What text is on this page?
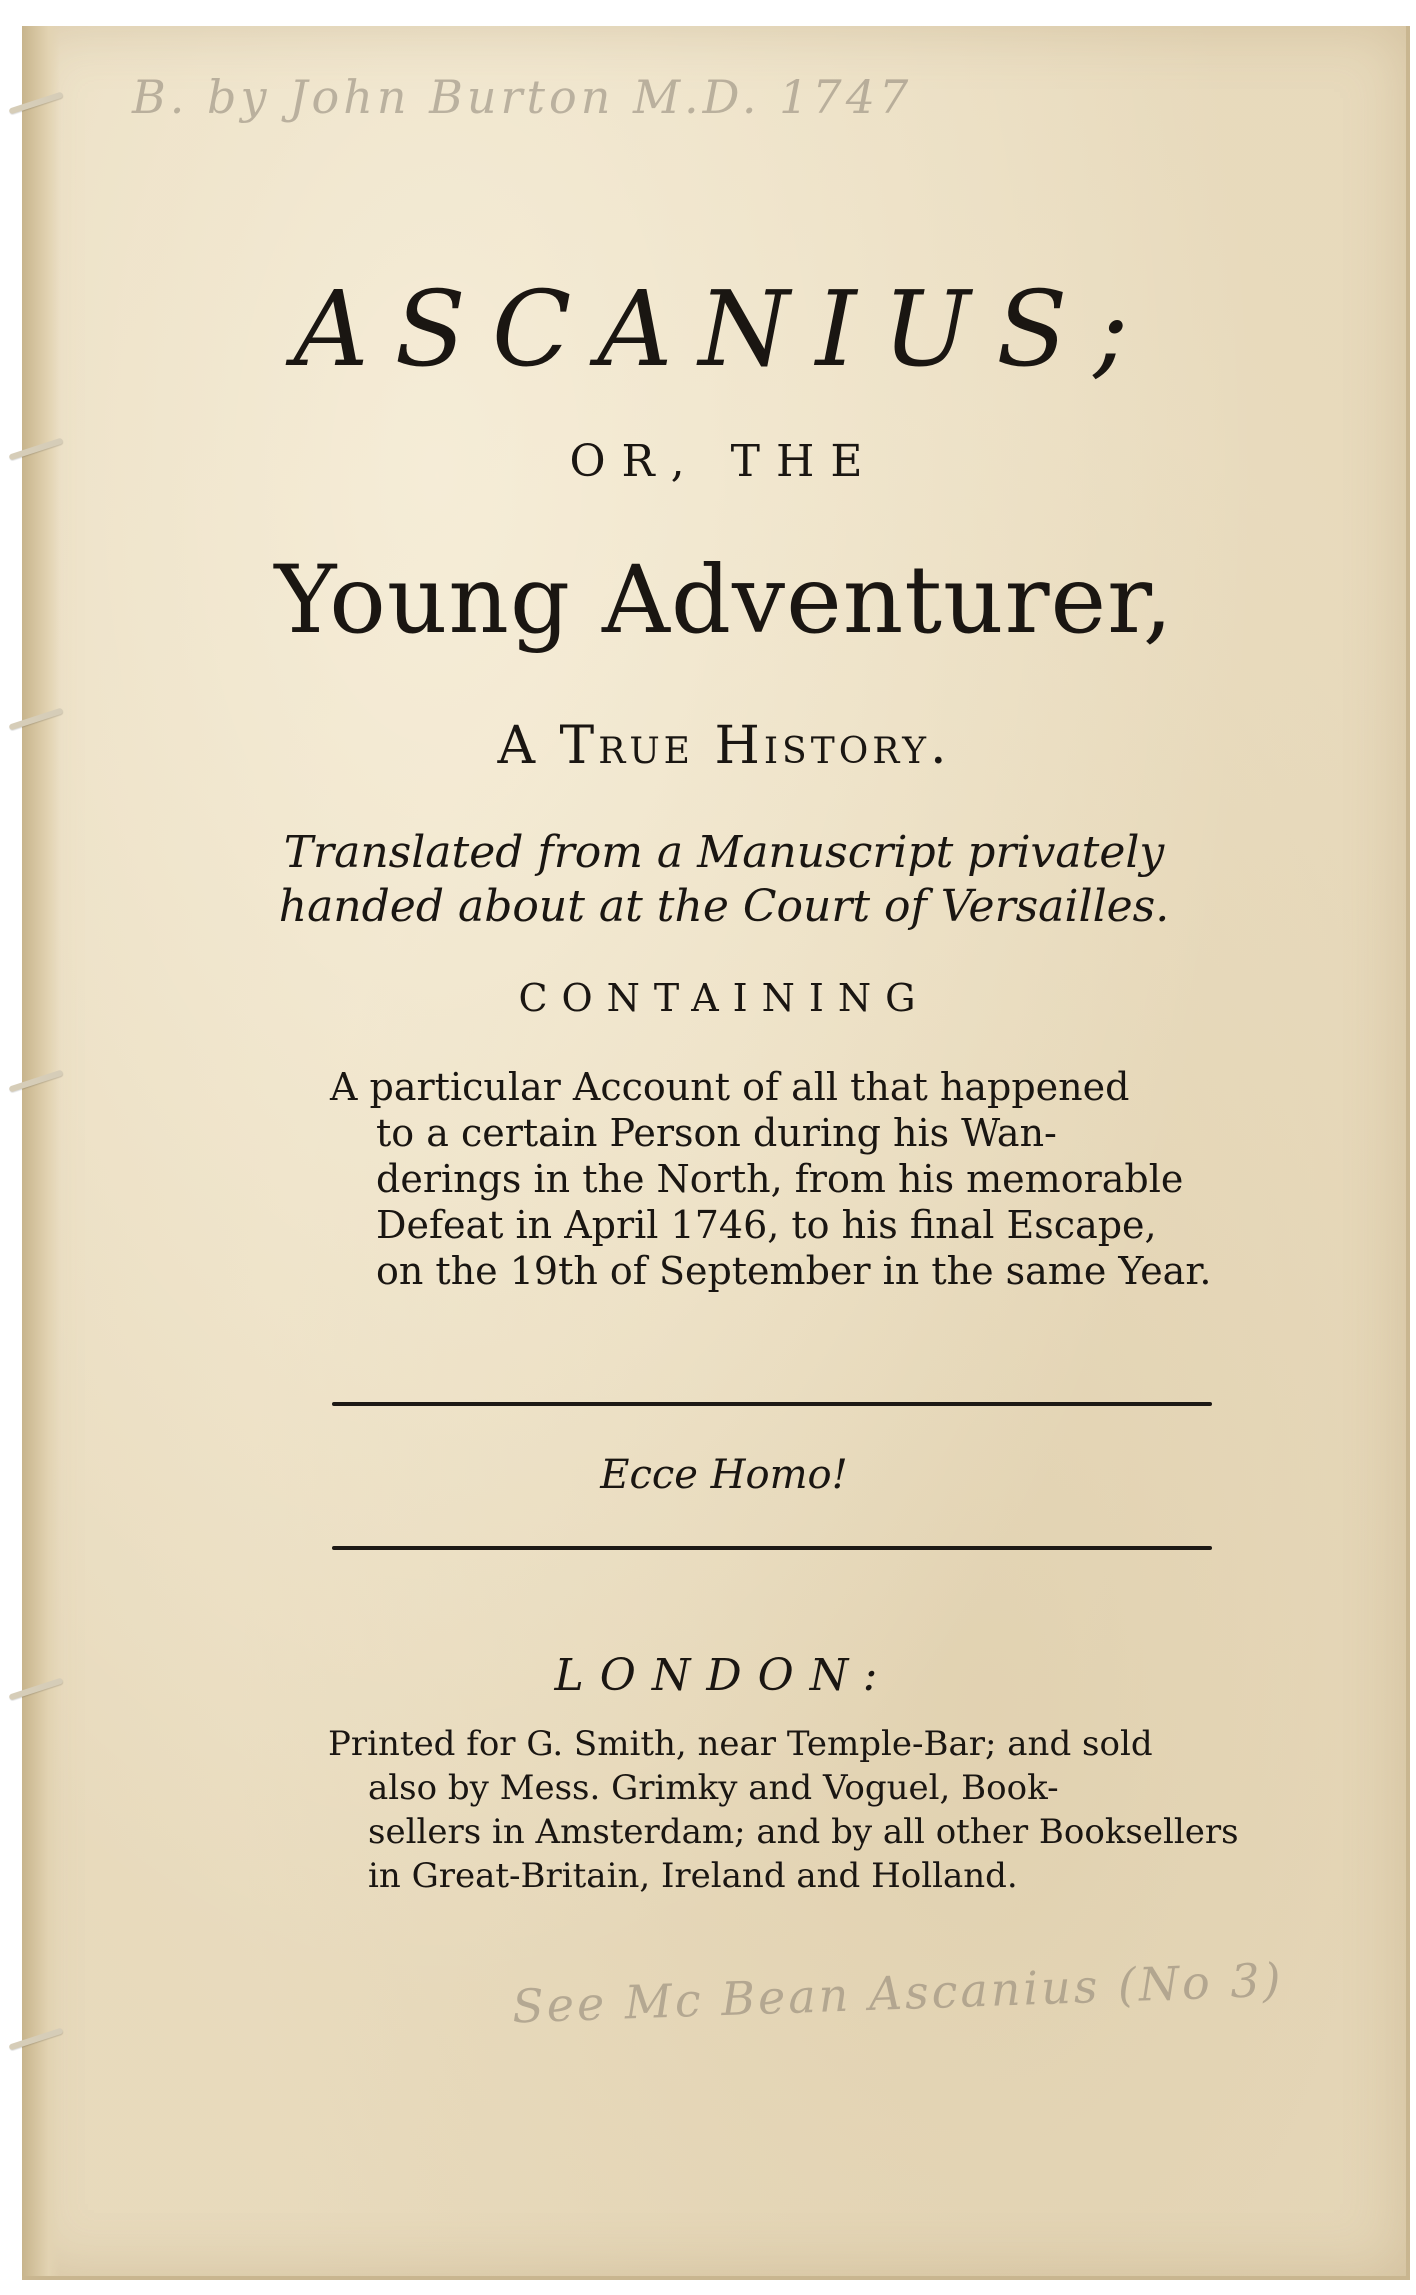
B. by John Burton M.D. 1747
ASCANIUS;
OR, THE
Young Adventurer,
A True History.
Translated from a Manuscript privately
handed about at the Court of Versailles.
CONTAINING
A particular Account of all that happened
to a certain Person during his Wan-
derings in the North, from his memorable
Defeat in April 1746, to his final Escape,
on the 19th of September in the same Year.
Ecce Homo!
LONDON:
Printed for G. Smith, near Temple-Bar; and sold
also by Mess. Grimky and Voguel, Book-
sellers in Amsterdam; and by all other Booksellers
in Great-Britain, Ireland and Holland.
See Mc Bean Ascanius (No 3)
